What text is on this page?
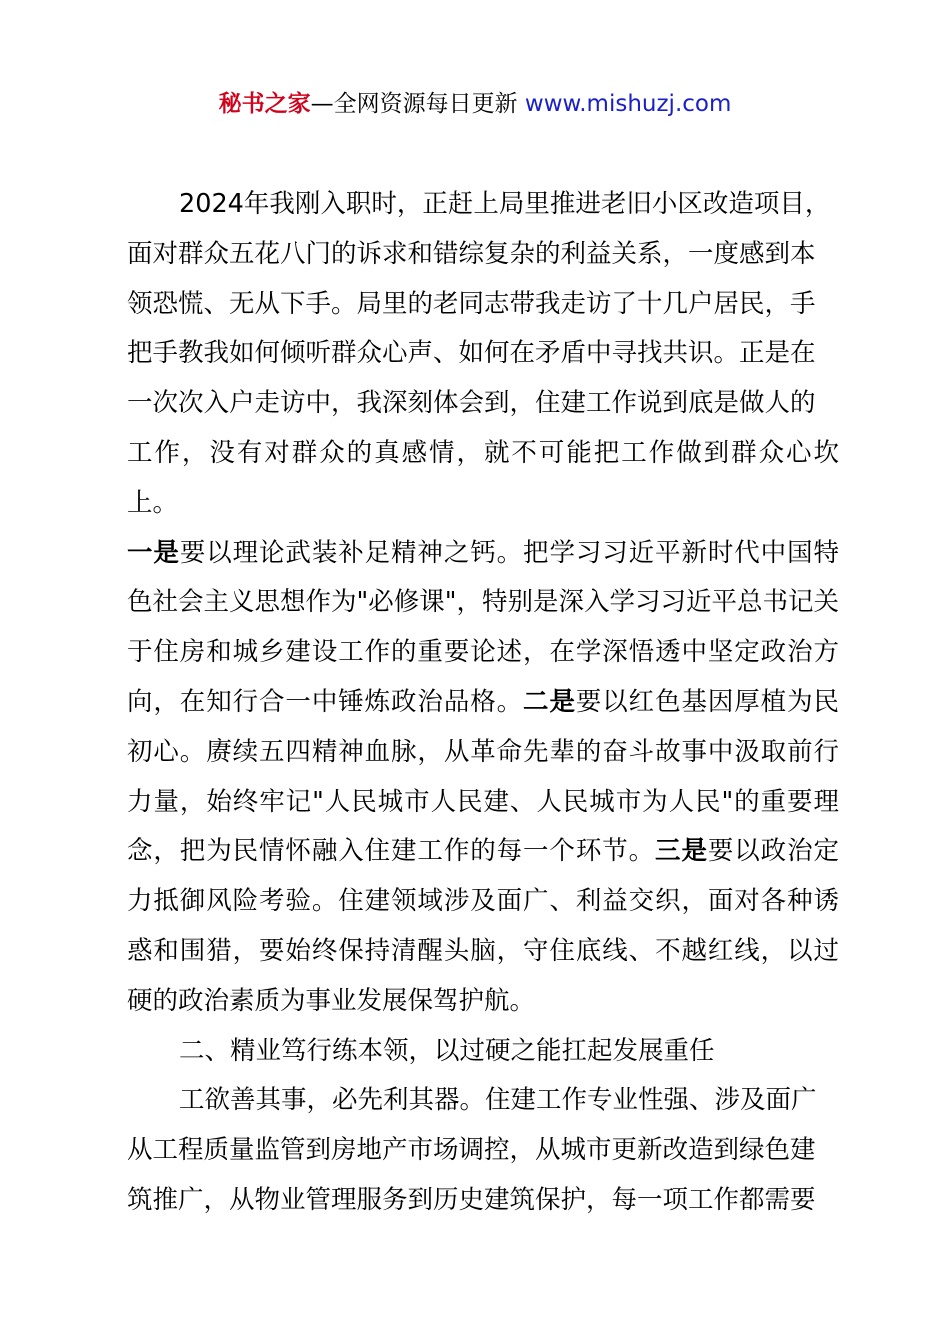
秘书之家—全网资源每日更新 www.mishuzj.com

2024年我刚入职时，正赶上局里推进老旧小区改造项目，
面对群众五花八门的诉求和错综复杂的利益关系，一度感到本
领恐慌、无从下手。局里的老同志带我走访了十几户居民，手
把手教我如何倾听群众心声、如何在矛盾中寻找共识。正是在
一次次入户走访中，我深刻体会到，住建工作说到底是做人的
工作，没有对群众的真感情，就不可能把工作做到群众心坎上。

一是要以理论武装补足精神之钙。把学习习近平新时代中国特色社会主义思想作为"必修课"，特别是深入学习习近平总书记关于住房和城乡建设工作的重要论述，在学深悟透中坚定政治方向，在知行合一中锤炼政治品格。二是要以红色基因厚植为民初心。赓续五四精神血脉，从革命先辈的奋斗故事中汲取前行力量，始终牢记"人民城市人民建、人民城市为人民"的重要理念，把为民情怀融入住建工作的每一个环节。三是要以政治定力抵御风险考验。住建领域涉及面广、利益交织，面对各种诱惑和围猎，要始终保持清醒头脑，守住底线、不越红线，以过硬的政治素质为事业发展保驾护航。

二、精业笃行练本领，以过硬之能扛起发展重任

工欲善其事，必先利其器。住建工作专业性强、涉及面广
从工程质量监管到房地产市场调控，从城市更新改造到绿色建
筑推广，从物业管理服务到历史建筑保护，每一项工作都需要
